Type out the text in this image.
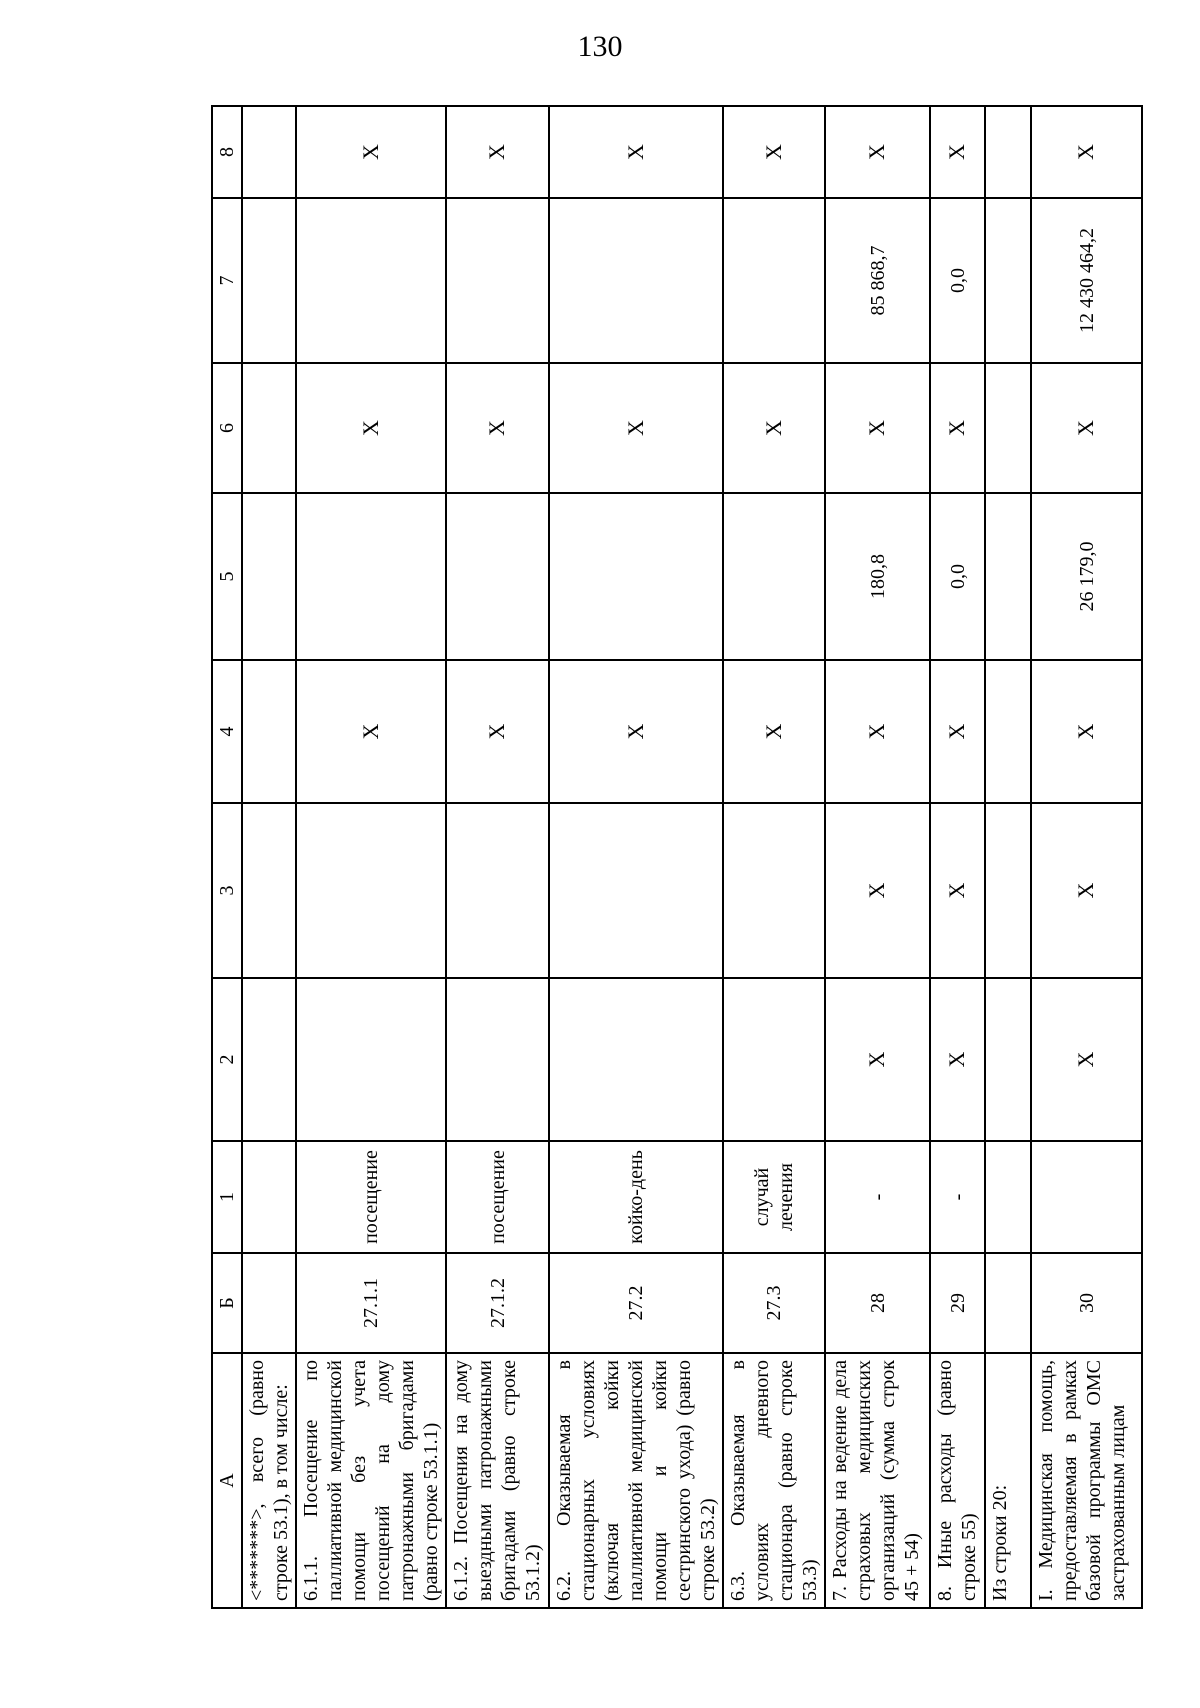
130
А	Б	1	2	3	4	5	6	7	8
<*******>, всего (равно строке 53.1), в том числе:									
6.1.1. Посещение по паллиативной медицинской помощи без учета посещений на дому патронажными бригадами (равно строке 53.1.1)	27.1.1	посещение			X		X		X
6.1.2. Посещения на дому выездными патронажными бригадами (равно строке 53.1.2)	27.1.2	посещение			X		X		X
6.2. Оказываемая в стационарных условиях (включая койки паллиативной медицинской помощи и койки сестринского ухода) (равно строке 53.2)	27.2	койко-день			X		X		X
6.3. Оказываемая в условиях дневного стационара (равно строке 53.3)	27.3	случай лечения			X		X		X
7. Расходы на ведение дела страховых медицинских организаций (сумма строк 45 + 54)	28	-	X	X	X	180,8	X	85 868,7	X
8. Иные расходы (равно строке 55)	29	-	X	X	X	0,0	X	0,0	X
Из строки 20:									
I. Медицинская помощь, предоставляемая в рамках базовой программы ОМС застрахованным лицам	30		X	X	X	26 179,0	X	12 430 464,2	X
